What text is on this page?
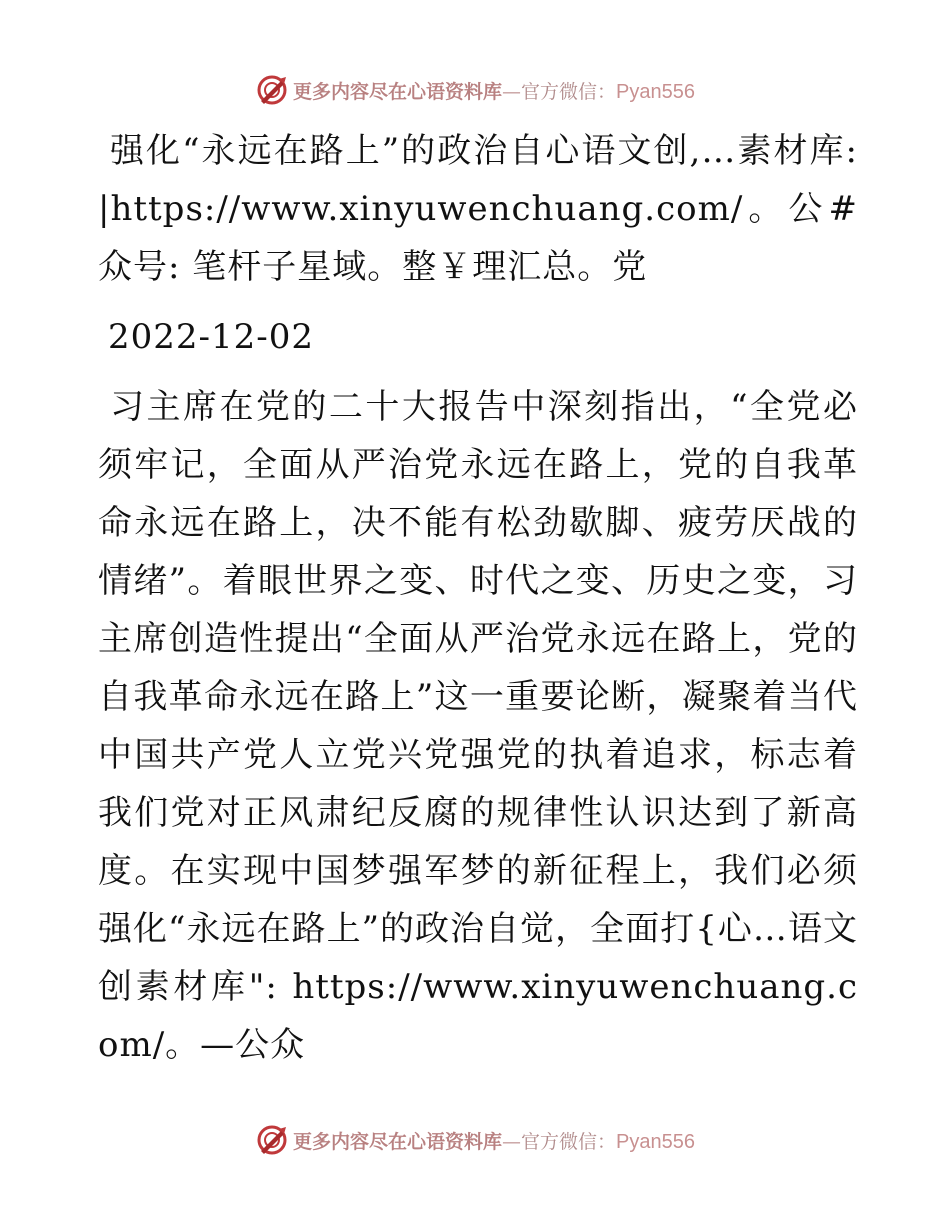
更多内容尽在心语资料库—官方微信：Pyan556

强化“永远在路上”的政治自心语文创,…素材库: |https://www.xinyuwenchuang.com/。公#众号: 笔杆子星域。整￥理汇总。党

2022-12-02

习主席在党的二十大报告中深刻指出，“全党必须牢记，全面从严治党永远在路上，党的自我革命永远在路上，决不能有松劲歇脚、疲劳厌战的情绪”。着眼世界之变、时代之变、历史之变，习主席创造性提出“全面从严治党永远在路上，党的自我革命永远在路上”这一重要论断，凝聚着当代中国共产党人立党兴党强党的执着追求，标志着我们党对正风肃纪反腐的规律性认识达到了新高度。在实现中国梦强军梦的新征程上，我们必须强化“永远在路上”的政治自觉，全面打{心…语文创素材库": https://www.xinyuwenchuang.com/。—公众

更多内容尽在心语资料库—官方微信：Pyan556
